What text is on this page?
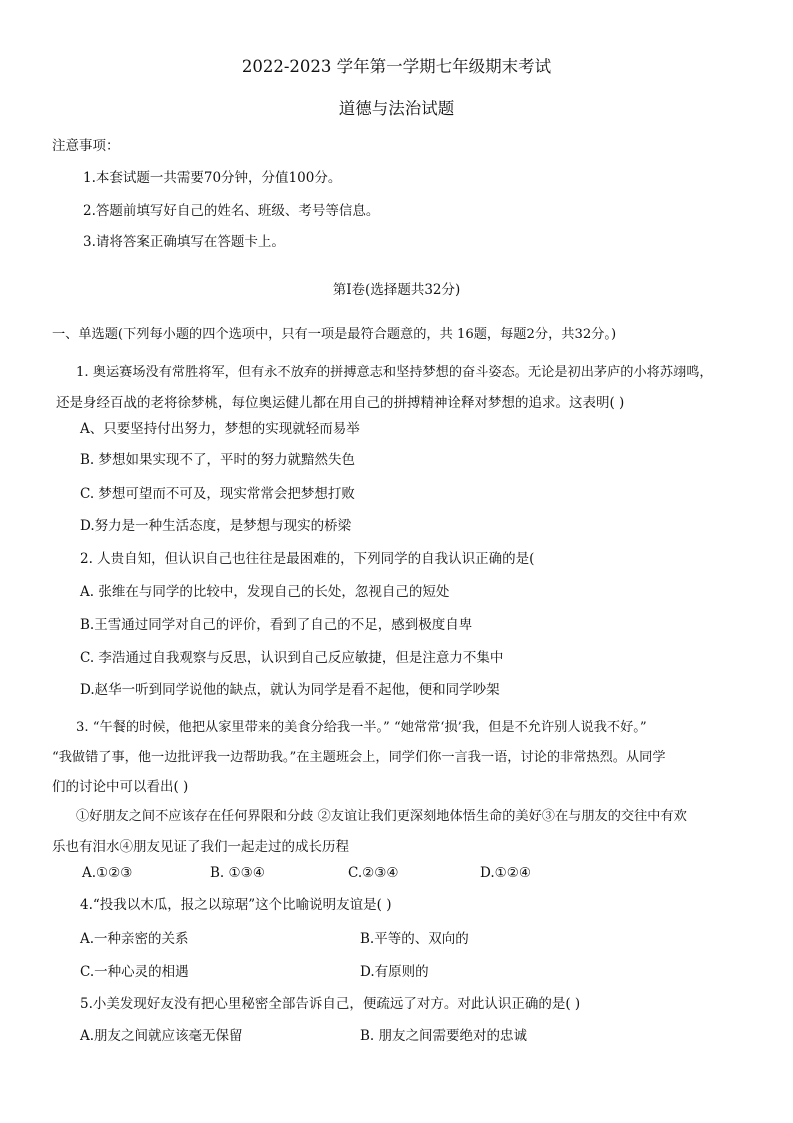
2022-2023 学年第一学期七年级期末考试
道德与法治试题
注意事项：
1.本套试题一共需要70分钟，分值100分。
2.答题前填写好自己的姓名、班级、考号等信息。
3.请将答案正确填写在答题卡上。
第Ⅰ卷(选择题共32分)
一、单选题(下列每小题的四个选项中，只有一项是最符合题意的，共 16题，每题2分，共32分。)
1. 奥运赛场没有常胜将军，但有永不放弃的拼搏意志和坚持梦想的奋斗姿态。无论是初出茅庐的小将苏翊鸣，
还是身经百战的老将徐梦桃，每位奥运健儿都在用自己的拼搏精神诠释对梦想的追求。这表明( )
A、只要坚持付出努力，梦想的实现就轻而易举
B. 梦想如果实现不了，平时的努力就黯然失色
C. 梦想可望而不可及，现实常常会把梦想打败
D.努力是一种生活态度，是梦想与现实的桥梁
2. 人贵自知，但认识自己也往往是最困难的，下列同学的自我认识正确的是(
A. 张维在与同学的比较中，发现自己的长处，忽视自己的短处
B.王雪通过同学对自己的评价，看到了自己的不足，感到极度自卑
C. 李浩通过自我观察与反思，认识到自己反应敏捷，但是注意力不集中
D.赵华一听到同学说他的缺点，就认为同学是看不起他，便和同学吵架
3. “午餐的时候，他把从家里带来的美食分给我一半。” “她常常‘损’我，但是不允许别人说我不好。”
“我做错了事，他一边批评我一边帮助我。”在主题班会上，同学们你一言我一语，讨论的非常热烈。从同学
们的讨论中可以看出( )
①好朋友之间不应该存在任何界限和分歧 ②友谊让我们更深刻地体悟生命的美好③在与朋友的交往中有欢
乐也有泪水④朋友见证了我们一起走过的成长历程
A.①②③	B. ①③④	C.②③④	D.①②④
4.“投我以木瓜，报之以琼琚”这个比喻说明友谊是( )
A.一种亲密的关系	B.平等的、双向的
C.一种心灵的相遇	D.有原则的
5.小美发现好友没有把心里秘密全部告诉自己，便疏远了对方。对此认识正确的是( )
A.朋友之间就应该毫无保留	B. 朋友之间需要绝对的忠诚
